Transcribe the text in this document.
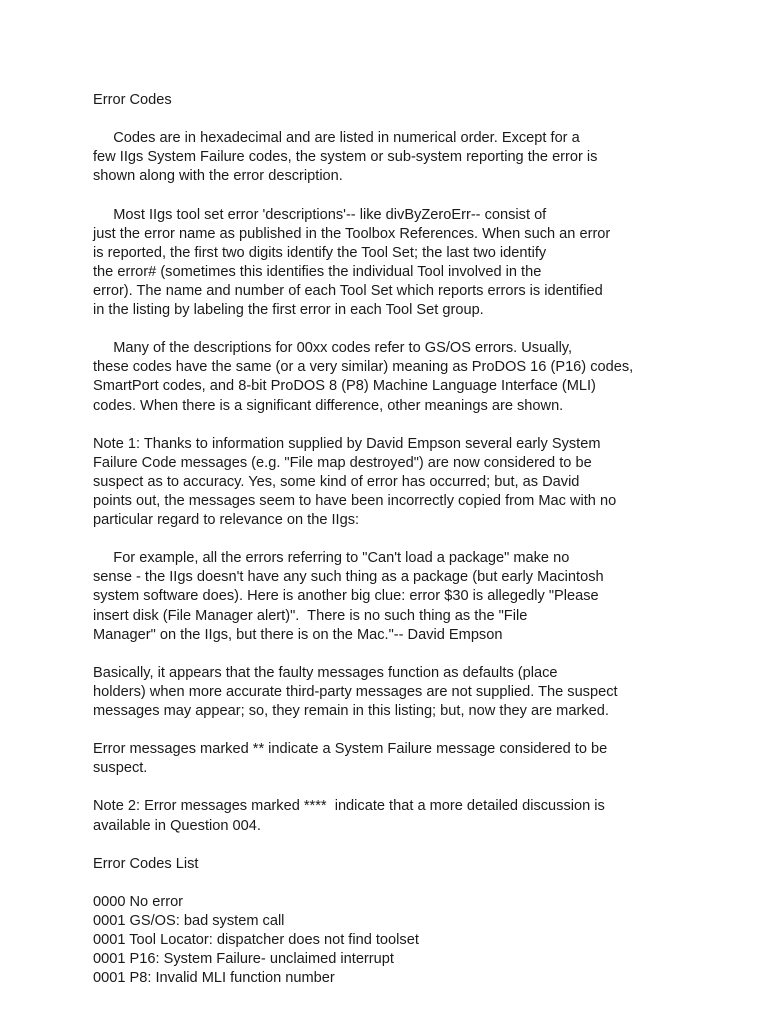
Error Codes
Codes are in hexadecimal and are listed in numerical order. Except for a
few IIgs System Failure codes, the system or sub-system reporting the error is
shown along with the error description.
Most IIgs tool set error 'descriptions'-- like divByZeroErr-- consist of
just the error name as published in the Toolbox References. When such an error
is reported, the first two digits identify the Tool Set; the last two identify
the error# (sometimes this identifies the individual Tool involved in the
error). The name and number of each Tool Set which reports errors is identified
in the listing by labeling the first error in each Tool Set group.
Many of the descriptions for 00xx codes refer to GS/OS errors. Usually,
these codes have the same (or a very similar) meaning as ProDOS 16 (P16) codes,
SmartPort codes, and 8-bit ProDOS 8 (P8) Machine Language Interface (MLI)
codes. When there is a significant difference, other meanings are shown.
Note 1: Thanks to information supplied by David Empson several early System
Failure Code messages (e.g. "File map destroyed") are now considered to be
suspect as to accuracy. Yes, some kind of error has occurred; but, as David
points out, the messages seem to have been incorrectly copied from Mac with no
particular regard to relevance on the IIgs:
For example, all the errors referring to "Can't load a package" make no
sense - the IIgs doesn't have any such thing as a package (but early Macintosh
system software does). Here is another big clue: error $30 is allegedly "Please
insert disk (File Manager alert)".  There is no such thing as the "File
Manager" on the IIgs, but there is on the Mac."-- David Empson
Basically, it appears that the faulty messages function as defaults (place
holders) when more accurate third-party messages are not supplied. The suspect
messages may appear; so, they remain in this listing; but, now they are marked.
Error messages marked ** indicate a System Failure message considered to be
suspect.
Note 2: Error messages marked ****  indicate that a more detailed discussion is
available in Question 004.
Error Codes List
0000 No error
0001 GS/OS: bad system call
0001 Tool Locator: dispatcher does not find toolset
0001 P16: System Failure- unclaimed interrupt
0001 P8: Invalid MLI function number
